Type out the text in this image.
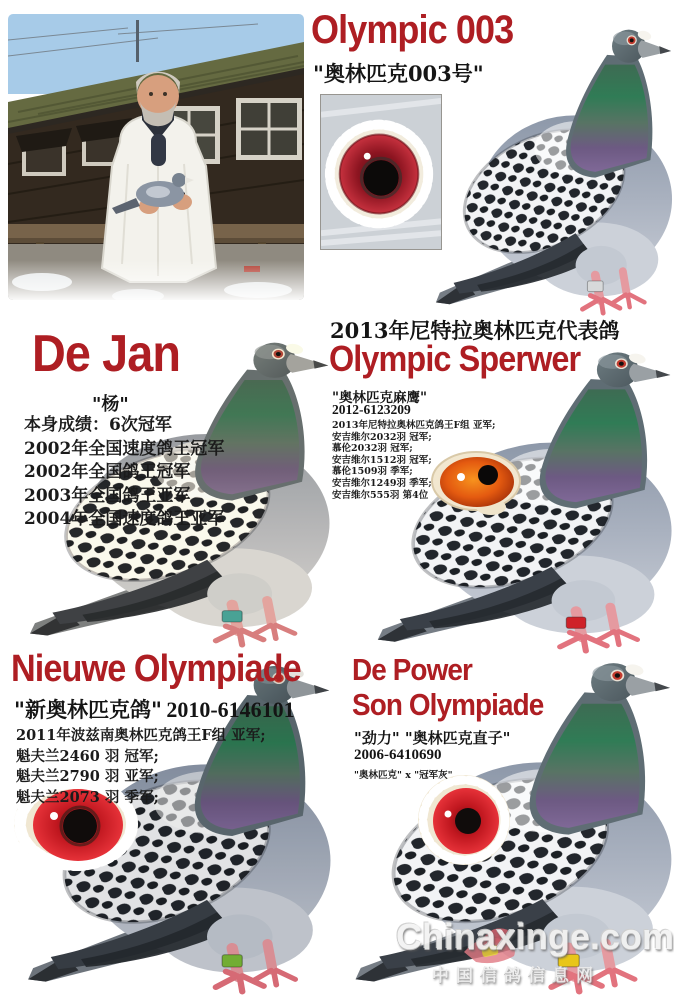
Olympic 003
"奥林匹克003号"
De Jan
"杨"
本身成绩：6次冠军
2002年全国速度鸽王冠军
2002年全国鸽王冠军
2003年全国鸽王亚军
2004年全国速度鸽王亚军
2013年尼特拉奥林匹克代表鸽
Olympic Sperwer
"奥林匹克麻鹰"
2012-6123209
2013年尼特拉奥林匹克鸽王F组 亚军;
安吉维尔2032羽 冠军;
慕伦2032羽 冠军;
安吉维尔1512羽 冠军;
慕伦1509羽 季军;
安吉维尔1249羽 季军;
安吉维尔555羽 第4位
Nieuwe Olympiade
"新奥林匹克鸽" 2010-6146101
2011年波兹南奥林匹克鸽王F组 亚军;
魁夫兰2460 羽 冠军;
魁夫兰2790 羽 亚军;
魁夫兰2073 羽 季军;
De Power
Son Olympiade
"劲力" "奥林匹克直子"
2006-6410690
"奥林匹克" x "冠军灰"
Chinaxinge.com
中国信鸽信息网
